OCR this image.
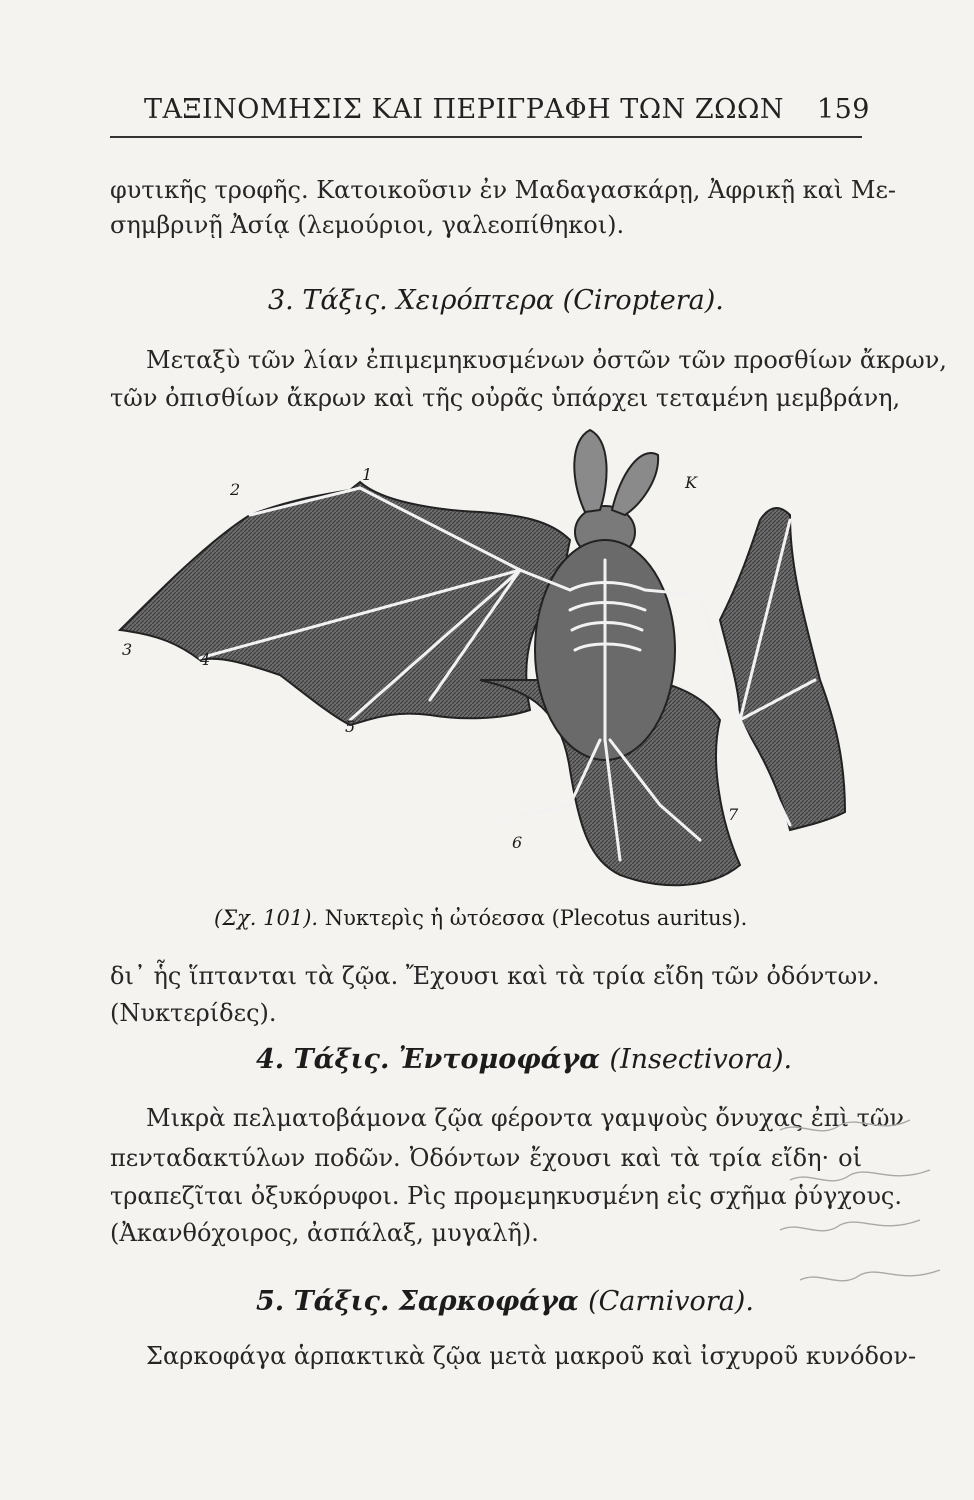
ΤΑΞΙΝΟΜΗΣΙΣ ΚΑΙ ΠΕΡΙΓΡΑΦΗ ΤΩΝ ΖΩΩΝ 159
φυτικῆς τροφῆς. Κατοικοῦσιν ἐν Μαδαγασκάρῃ, Ἀφρικῇ καὶ Με-
σημβρινῇ Ἀσίᾳ (λεμούριοι, γαλεοπίθηκοι).
3. Τάξις. Χειρόπτερα (Ciroptera).
Μεταξὺ τῶν λίαν ἐπιμεμηκυσμένων ὀστῶν τῶν προσθίων ἄκρων,
τῶν ὀπισθίων ἄκρων καὶ τῆς οὐρᾶς ὑπάρχει τεταμένη μεμβράνη,
1
2
3
4
5
6
7
K
(Σχ. 101). Νυκτερὶς ἡ ὠτόεσσα (Plecotus auritus).
δι᾽ ἧς ἵπτανται τὰ ζῷα. Ἔχουσι καὶ τὰ τρία εἴδη τῶν ὀδόντων.
(Νυκτερίδες).
4. Τάξις. Ἐντομοφάγα (Insectivora).
Μικρὰ πελματοβάμονα ζῷα φέροντα γαμψοὺς ὄνυχας ἐπὶ τῶν
πενταδακτύλων ποδῶν. Ὀδόντων ἔχουσι καὶ τὰ τρία εἴδη· οἱ
τραπεζῖται ὀξυκόρυφοι. Ρὶς προμεμηκυσμένη εἰς σχῆμα ῥύγχους.
(Ἀκανθόχοιρος, ἀσπάλαξ, μυγαλῆ).
5. Τάξις. Σαρκοφάγα (Carnivora).
Σαρκοφάγα ἁρπακτικὰ ζῷα μετὰ μακροῦ καὶ ἰσχυροῦ κυνόδον-
